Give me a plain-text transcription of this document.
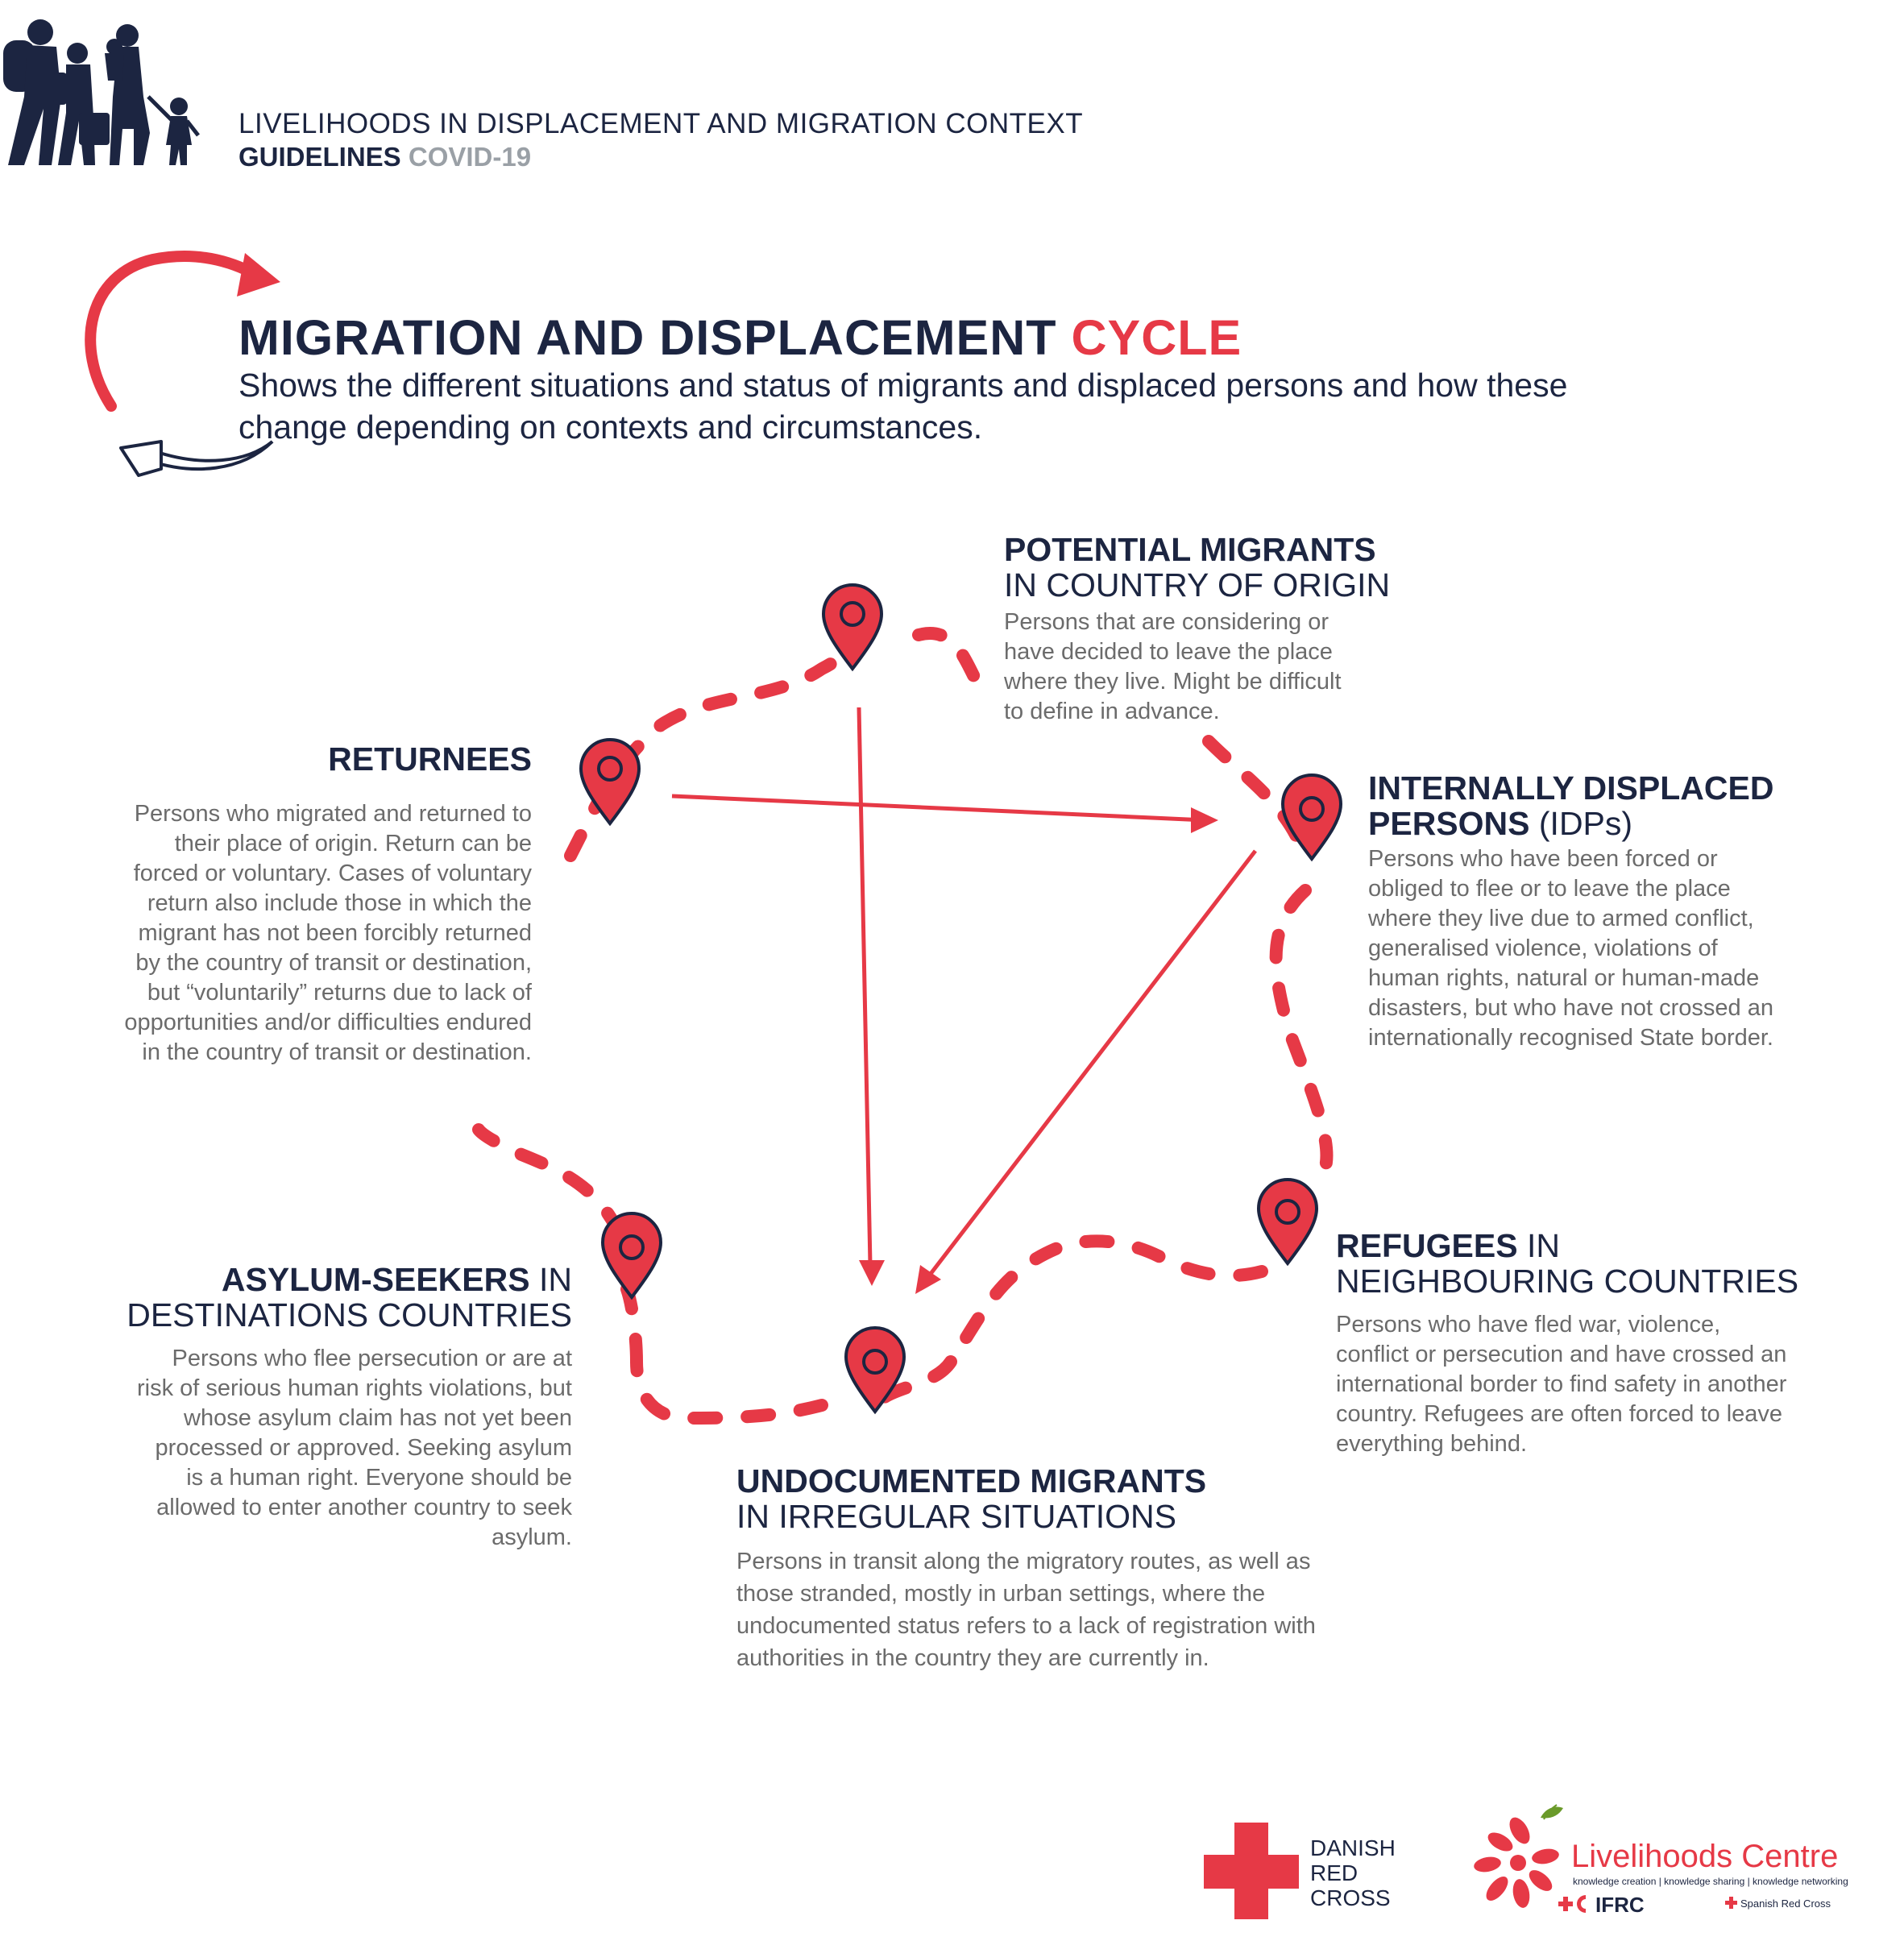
LIVELIHOODS IN DISPLACEMENT AND MIGRATION CONTEXT
GUIDELINES COVID-19
MIGRATION AND DISPLACEMENT CYCLE
Shows the different situations and status of migrants and displaced persons and how these change depending on contexts and circumstances.
POTENTIAL MIGRANTS
IN COUNTRY OF ORIGIN
Persons that are considering or have decided to leave the place where they live. Might be difficult to define in advance.
RETURNEES
Persons who migrated and returned to their place of origin. Return can be forced or voluntary. Cases of voluntary return also include those in which the migrant has not been forcibly returned by the country of transit or destination, but “voluntarily” returns due to lack of opportunities and/or difficulties endured in the country of transit or destination.
INTERNALLY DISPLACED
PERSONS (IDPs)
Persons who have been forced or obliged to flee or to leave the place where they live due to armed conflict, generalised violence, violations of human rights, natural or human-made disasters, but who have not crossed an internationally recognised State border.
REFUGEES IN
NEIGHBOURING COUNTRIES
Persons who have fled war, violence, conflict or persecution and have crossed an international border to find safety in another country. Refugees are often forced to leave everything behind.
ASYLUM-SEEKERS IN
DESTINATIONS COUNTRIES
Persons who flee persecution or are at risk of serious human rights violations, but whose asylum claim has not yet been processed or approved. Seeking asylum is a human right. Everyone should be allowed to enter another country to seek asylum.
UNDOCUMENTED MIGRANTS
IN IRREGULAR SITUATIONS
Persons in transit along the migratory routes, as well as those stranded, mostly in urban settings, where the undocumented status refers to a lack of registration with authorities in the country they are currently in.
DANISH
RED
CROSS
Livelihoods Centre
knowledge creation | knowledge sharing | knowledge networking
IFRC	Spanish Red Cross
